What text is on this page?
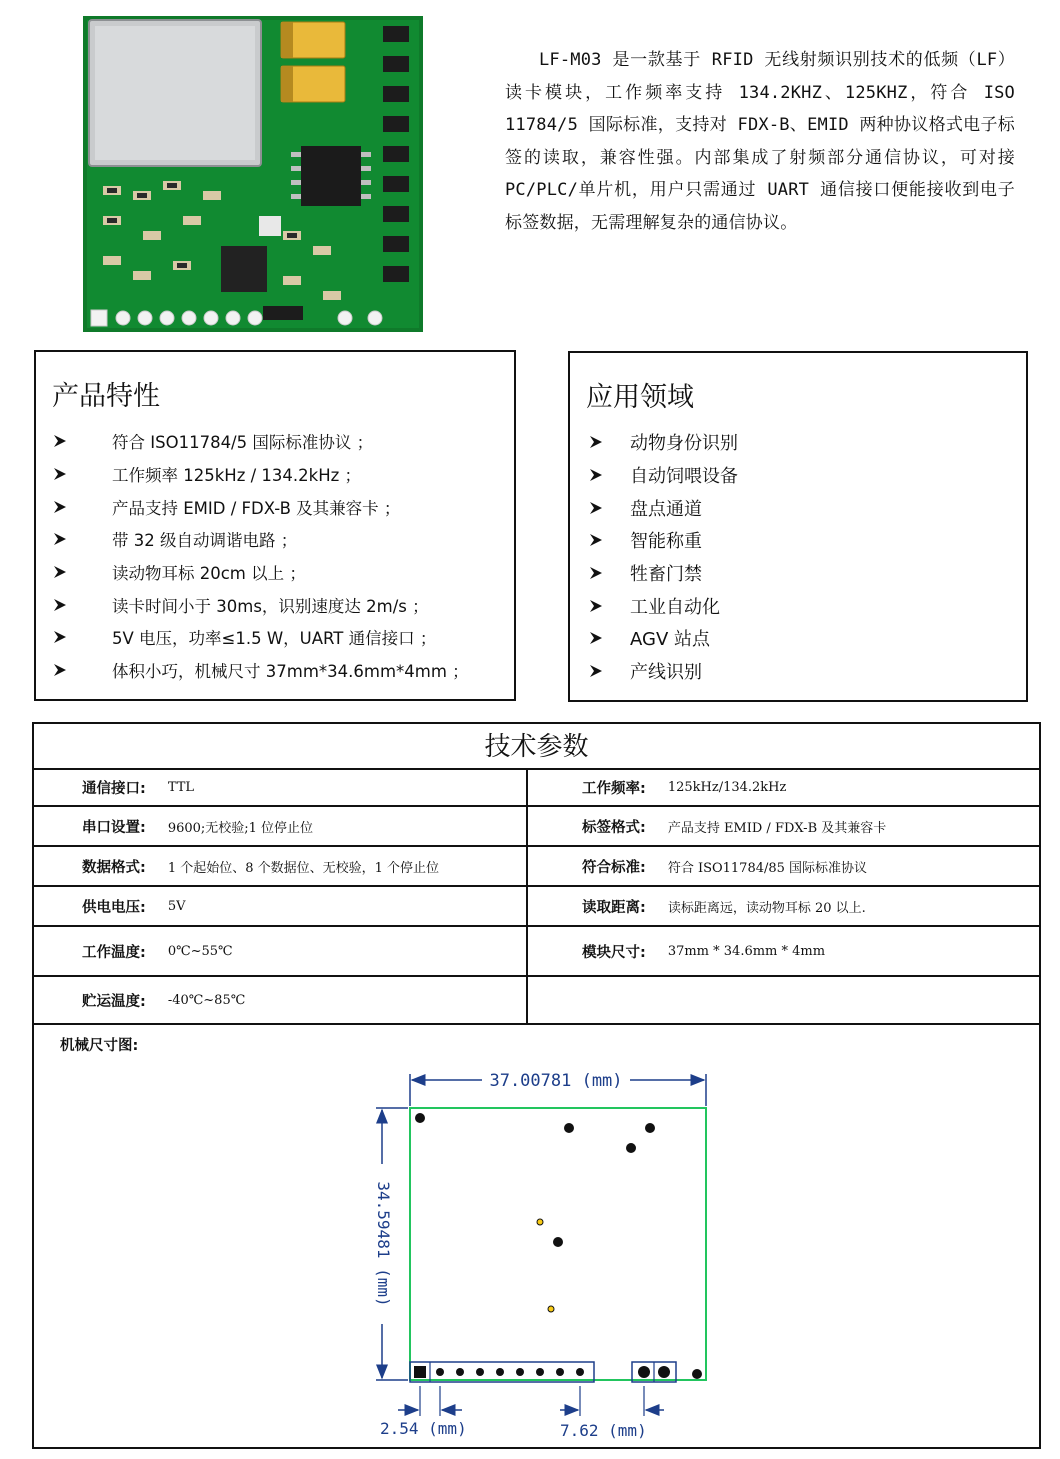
LF-M03 是一款基于 RFID 无线射频识别技术的低频（LF）读卡模块，工作频率支持 134.2KHZ、125KHZ，符合 ISO 11784/5 国际标准，支持对 FDX-B、EMID 两种协议格式电子标签的读取，兼容性强。内部集成了射频部分通信协议，可对接 PC/PLC/单片机，用户只需通过 UART 通信接口便能接收到电子标签数据，无需理解复杂的通信协议。

产品特性
符合 ISO11784/5 国际标准协议 ；
工作频率 125kHz / 134.2kHz ；
产品支持 EMID / FDX-B 及其兼容卡 ；
带 32 级自动调谐电路 ；
读动物耳标 20cm 以上 ；
读卡时间小于 30ms，识别速度达 2m/s ；
5V 电压，功率≤1.5 W，UART 通信接口 ；
体积小巧，机械尺寸 37mm*34.6mm*4mm ；
应用领域
动物身份识别
自动饲喂设备
盘点通道
智能称重
牲畜门禁
工业自动化
AGV 站点
产线识别
技术参数
通信接口: TTL	工作频率: 125kHz/134.2kHz
串口设置: 9600;无校验;1 位停止位	标签格式: 产品支持 EMID / FDX-B 及其兼容卡
数据格式: 1 个起始位、8 个数据位、无校验，1 个停止位	符合标准: 符合 ISO11784/85 国际标准协议
供电电压: 5V	读取距离: 读标距离远，读动物耳标 20 以上.
工作温度: 0℃~55℃	模块尺寸: 37mm * 34.6mm * 4mm
贮运温度: -40℃~85℃
机械尺寸图:
37.00781 (mm)
34.59481 (mm)
2.54 (mm)	7.62 (mm)
